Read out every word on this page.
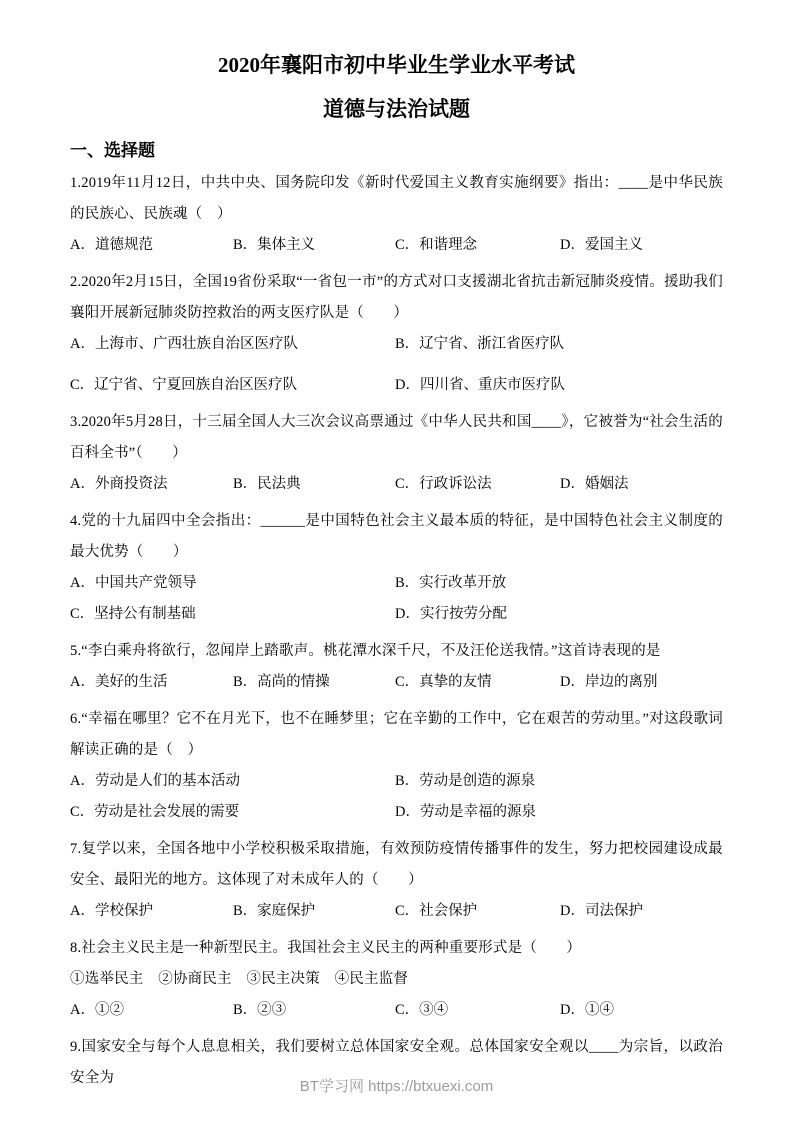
2020年襄阳市初中毕业生学业水平考试
道德与法治试题
一、选择题
1.2019年11月12日，中共中央、国务院印发《新时代爱国主义教育实施纲要》指出：____是中华民族的民族心、民族魂（　）
A．道德规范	B．集体主义	C．和谐理念	D．爱国主义
2.2020年2月15日，全国19省份采取“一省包一市”的方式对口支援湖北省抗击新冠肺炎疫情。援助我们襄阳开展新冠肺炎防控救治的两支医疗队是（　　）
A．上海市、广西壮族自治区医疗队	B．辽宁省、浙江省医疗队
C．辽宁省、宁夏回族自治区医疗队	D．四川省、重庆市医疗队
3.2020年5月28日，十三届全国人大三次会议高票通过《中华人民共和国____》，它被誉为“社会生活的百科全书”（　　）
A．外商投资法	B．民法典	C．行政诉讼法	D．婚姻法
4.党的十九届四中全会指出：______是中国特色社会主义最本质的特征，是中国特色社会主义制度的最大优势（　　）
A．中国共产党领导	B．实行改革开放
C．坚持公有制基础	D．实行按劳分配
5.“李白乘舟将欲行，忽闻岸上踏歌声。桃花潭水深千尺，不及汪伦送我情。”这首诗表现的是
A．美好的生活	B．高尚的情操	C．真挚的友情	D．岸边的离别
6.“幸福在哪里？它不在月光下，也不在睡梦里；它在辛勤的工作中，它在艰苦的劳动里。”对这段歌词解读正确的是（　）
A．劳动是人们的基本活动	B．劳动是创造的源泉
C．劳动是社会发展的需要	D．劳动是幸福的源泉
7.复学以来，全国各地中小学校积极采取措施，有效预防疫情传播事件的发生，努力把校园建设成最安全、最阳光的地方。这体现了对未成年人的（　　）
A．学校保护	B．家庭保护	C．社会保护	D．司法保护
8.社会主义民主是一种新型民主。我国社会主义民主的两种重要形式是（　　）
①选举民主　②协商民主　③民主决策　④民主监督
A．①②	B．②③	C．③④	D．①④
9.国家安全与每个人息息相关，我们要树立总体国家安全观。总体国家安全观以____为宗旨，以政治安全为	BT学习网 https://btxuexi.com
